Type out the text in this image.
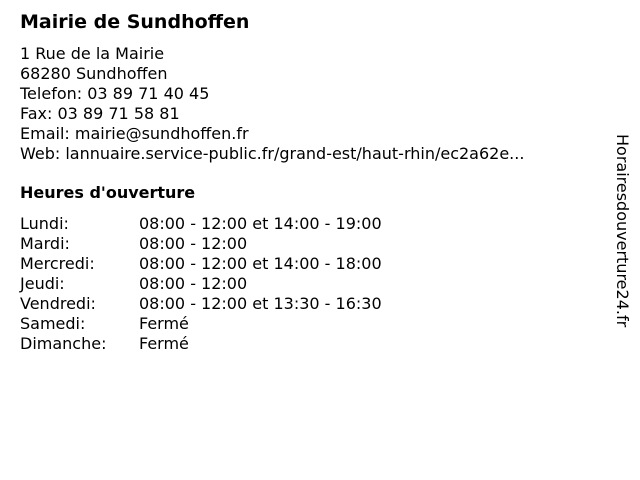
Mairie de Sundhoffen
1 Rue de la Mairie
68280 Sundhoffen
Telefon: 03 89 71 40 45
Fax: 03 89 71 58 81
Email: mairie@sundhoffen.fr
Web: lannuaire.service-public.fr/grand-est/haut-rhin/ec2a62e...
Heures d'ouverture
Lundi:	08:00 - 12:00 et 14:00 - 19:00
Mardi:	08:00 - 12:00
Mercredi:	08:00 - 12:00 et 14:00 - 18:00
Jeudi:	08:00 - 12:00
Vendredi:	08:00 - 12:00 et 13:30 - 16:30
Samedi:	Fermé
Dimanche: Fermé
Horairesdouverture24.fr
